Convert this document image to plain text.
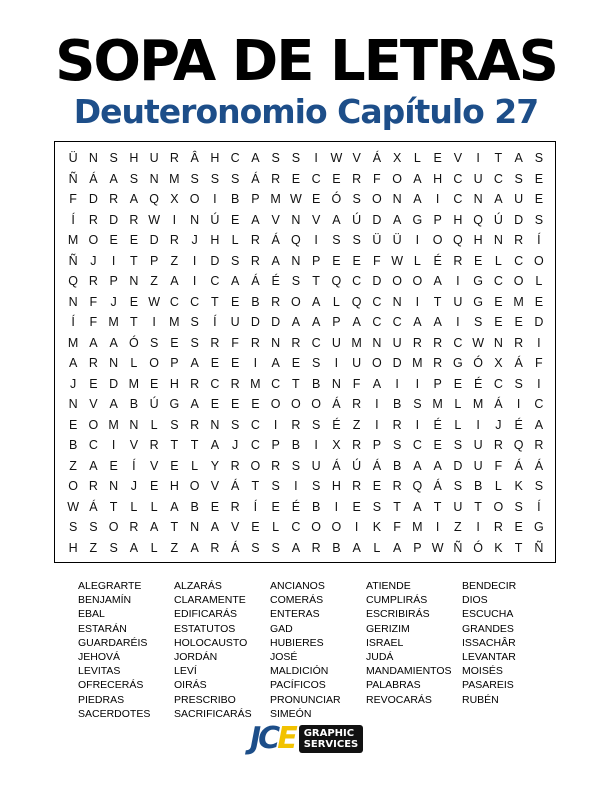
SOPA DE LETRAS
Deuteronomio Capítulo 27
Ü N S H U R Â H C A S S	I	W V Á X	L	E V	I	T A S
Ñ Á A S N M S S S Á R E C E R F O A H C U C S E
F D R A Q X O	I	B P M W E Ó S O N A	I	C N A U E
Í	R D R W	I	N Ú E A V N V A Ú D A G P H Q Ú D S
M O E E D R	J	H L R Á Q	I	S S Ü Ü	I	O Q H N R	Í
Ñ	J	I	T P Z	I	D S R A N P E E F W L	É R E	L C O
Q R P N Z A	I	C A Á É S T Q C D O O A	I	G C O L
N F	J	E W C C T E B R O A	L Q C N	I	T U G E M E
Í	F M T	I	M S	Í	U D D A A P A C C A A	I	S E E D
M A A Ó S E S R F R N R C U M N U R R C W N R	I
A R N L O P A E E	I	A E S	I	U O D M R G Ó X Á F
J	E D M E H R C R M C T B N F A	I	I	P E É C S	I
N V A B Ú G A E E E O O O Á R	I	B S M L M Á	I	C
E O M N L	S R N S C	I	R S É Z	I	R	I	É	L	I	J	É A
B C	I	V R T	T A	J	C P B	I	X R P S C E S U R Q R
Z A E	Í	V E	L	Y R O R S U Á Ú Á B A A D U F Á Á
O R N	J	E H O V Á T S	I	S H R E R Q Á S B	L	K S
W Á T	L	L	A B E R	Í	E É B	I	E S T A T U T O S	Í
S S O R A T N A V E	L C O O	I	K F M	I	Z	I	R E G
H Z S A	L	Z A R Á S S A R B A	L	A P W Ñ Ó K T Ñ
ALEGRARTE
BENJAMÍN
EBAL
ESTARÁN
GUARDARÉIS
JEHOVÁ
LEVITAS
OFRECERÁS
PIEDRAS
SACERDOTES
ALZARÁS
CLARAMENTE
EDIFICARÁS
ESTATUTOS
HOLOCAUSTO
JORDÁN
LEVÍ
OIRÁS
PRESCRIBO
SACRIFICARÁS
ANCIANOS
COMERÁS
ENTERAS
GAD
HUBIERES
JOSÉ
MALDICIÓN
PACÍFICOS
PRONUNCIAR
SIMEÓN
ATIENDE
CUMPLIRÁS
ESCRIBIRÁS
GERIZIM
ISRAEL
JUDÁ
MANDAMIENTOS
PALABRAS
REVOCARÁS
BENDECIR
DIOS
ESCUCHA
GRANDES
ISSACHÂR
LEVANTAR
MOISÉS
PASAREIS
RUBÉN
JCE GRAPHIC
SERVICES
